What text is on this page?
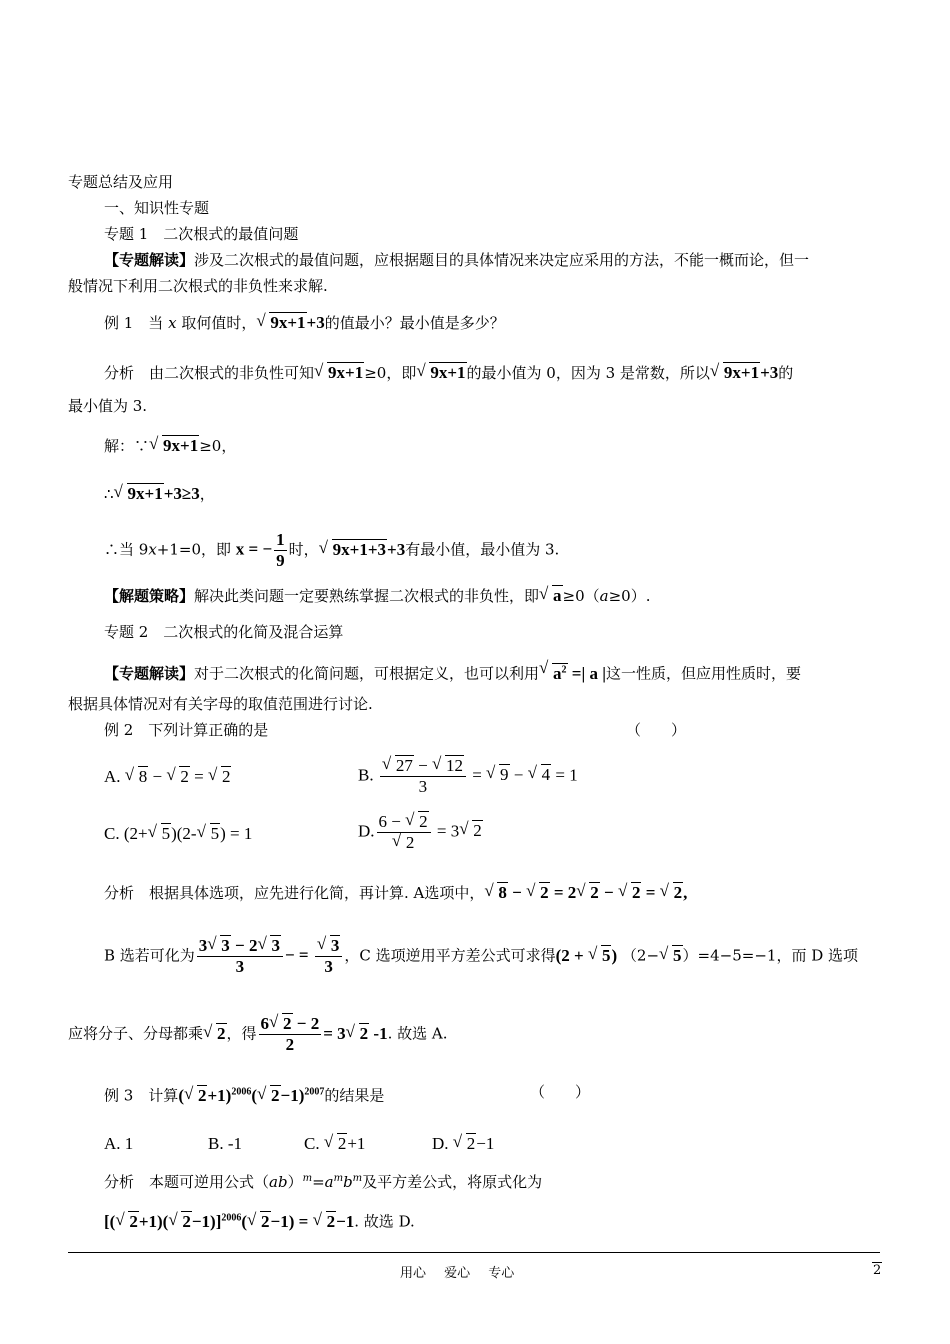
专题总结及应用
一、知识性专题
专题 1　二次根式的最值问题
【专题解读】涉及二次根式的最值问题，应根据题目的具体情况来决定应采用的方法，不能一概而论，但一
般情况下利用二次根式的非负性来求解.
例 1　当 x 取何值时，√ 9x+1+3的值最小？最小值是多少？
分析　由二次根式的非负性可知√ 9x+1≥0，即√ 9x+1的最小值为 0，因为 3 是常数，所以√ 9x+1+3的
最小值为 3.
解：∵√ 9x+1≥0，
∴√ 9x+1+3≥3，
∴当 9x+1=0，即 x = − $\frac{1}{9}$ 时，√ 9x+1+3+3有最小值，最小值为 3.
【解题策略】解决此类问题一定要熟练掌握二次根式的非负性，即√ a≥0（a≥0）.
专题 2　二次根式的化简及混合运算
【专题解读】对于二次根式的化简问题，可根据定义，也可以利用√ $a^2$ =| a |这一性质，但应用性质时，要
根据具体情况对有关字母的取值范围进行讨论.
例 2　下列计算正确的是	（　　）
A. √ 8 − √ 2 = √ 2	B.
√ $\frac{27 - √ 12}{3}$ = √ 9 − √ 4 = 1
C. (2+√ 5)(2-√ 5) = 1	D. 6 − √ 2
√ 2 = 3√ 2
分析　根据具体选项，应先进行化简，再计算. A选项中，√ 8 − √ 2 = 2√ 2 − √ 2 = √ 2,
B 选若可化为 $\frac{3√ 3 - 2√ 3}{3}$ − =
√ $\frac{3}{3}$ ，C 选项逆用平方差公式可求得(2 + √ 5) （2−√ 5）=4−5=−1，而 D 选项
应将分子、分母都乘√ 2，得 $\frac{6√ 2 - 2}{2} = 3√$ 2 -1. 故选 A.
例 3　计算(√ 2+1)$^{2006}$(√ 2−1)$^{2007}$的结果是	（　　）
A. 1	B. -1	C. √ 2+1	D. √ 2−1
分析　本题可逆用公式$(ab)^m=a^mb^m$及平方差公式，将原式化为
[(√ 2+1)(√ 2−1)]$^{2006}$(√ 2−1) = √ 2−1. 故选 D.
用心 爱心 专心	2
